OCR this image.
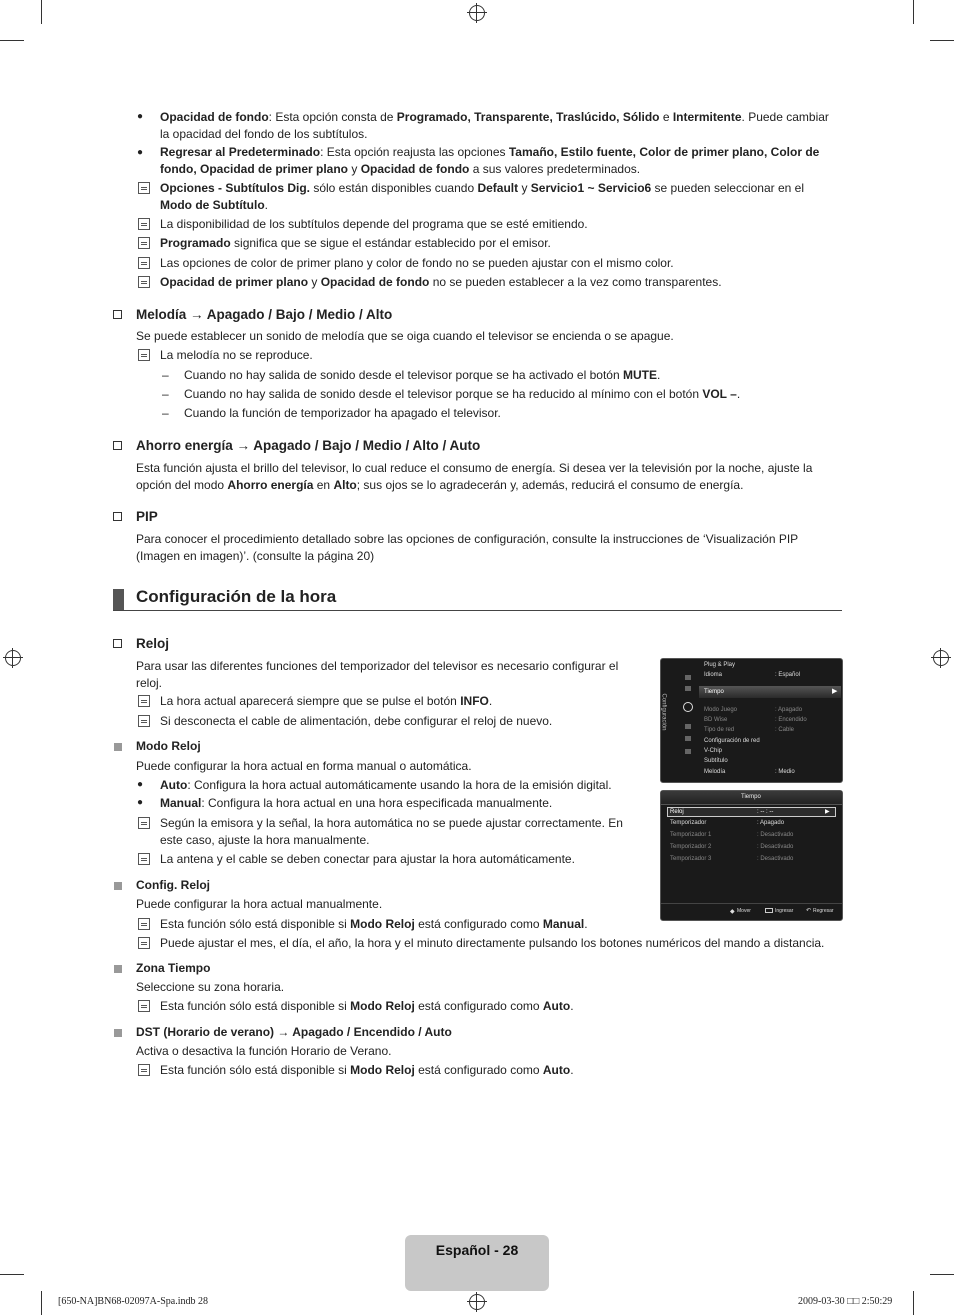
● Opacidad de fondo: Esta opción consta de Programado, Transparente, Traslúcido, Sólido e Intermitente. Puede cambiar
la opacidad del fondo de los subtítulos.
● Regresar al Predeterminado: Esta opción reajusta las opciones Tamaño, Estilo fuente, Color de primer plano, Color de
fondo, Opacidad de primer plano y Opacidad de fondo a sus valores predeterminados.
Opciones - Subtítulos Dig. sólo están disponibles cuando Default y Servicio1 ~ Servicio6 se pueden seleccionar en el
Modo de Subtítulo.
La disponibilidad de los subtítulos depende del programa que se esté emitiendo.
Programado significa que se sigue el estándar establecido por el emisor.
Las opciones de color de primer plano y color de fondo no se pueden ajustar con el mismo color.
Opacidad de primer plano y Opacidad de fondo no se pueden establecer a la vez como transparentes.
Melodía → Apagado / Bajo / Medio / Alto
Se puede establecer un sonido de melodía que se oiga cuando el televisor se encienda o se apague.
La melodía no se reproduce.
– Cuando no hay salida de sonido desde el televisor porque se ha activado el botón MUTE.
– Cuando no hay salida de sonido desde el televisor porque se ha reducido al mínimo con el botón VOL –.
– Cuando la función de temporizador ha apagado el televisor.
Ahorro energía → Apagado / Bajo / Medio / Alto / Auto
Esta función ajusta el brillo del televisor, lo cual reduce el consumo de energía. Si desea ver la televisión por la noche, ajuste la
opción del modo Ahorro energía en Alto; sus ojos se lo agradecerán y, además, reducirá el consumo de energía.
PIP
Para conocer el procedimiento detallado sobre las opciones de configuración, consulte la instrucciones de ‘Visualización PIP
(Imagen en imagen)’. (consulte la página 20)
Configuración de la hora
Reloj
Para usar las diferentes funciones del temporizador del televisor es necesario configurar el
reloj.
La hora actual aparecerá siempre que se pulse el botón INFO.
Si desconecta el cable de alimentación, debe configurar el reloj de nuevo.
Modo Reloj
Puede configurar la hora actual en forma manual o automática.
● Auto: Configura la hora actual automáticamente usando la hora de la emisión digital.
● Manual: Configura la hora actual en una hora especificada manualmente.
Según la emisora y la señal, la hora automática no se puede ajustar correctamente. En
este caso, ajuste la hora manualmente.
La antena y el cable se deben conectar para ajustar la hora automáticamente.
Config. Reloj
Puede configurar la hora actual manualmente.
Esta función sólo está disponible si Modo Reloj está configurado como Manual.
Puede ajustar el mes, el día, el año, la hora y el minuto directamente pulsando los botones numéricos del mando a distancia.
Zona Tiempo
Seleccione su zona horaria.
Esta función sólo está disponible si Modo Reloj está configurado como Auto.
DST (Horario de verano) → Apagado / Encendido / Auto
Activa o desactiva la función Horario de Verano.
Esta función sólo está disponible si Modo Reloj está configurado como Auto.
Configuración
Plug & Play
Idioma	: Español
Tiempo	▶
Modo Juego	: Apagado
BD Wise	: Encendido
Tipo de red	: Cable
Configuración de red
V-Chip
Subtítulo
Melodía	: Medio
Tiempo
Reloj	: -- : --	▶
Temporizador	: Apagado
Temporizador 1	: Desactivado
Temporizador 2	: Desactivado
Temporizador 3	: Desactivado
◆ Mover	Ingresar ↶ Regresar
Español - 28
[650-NA]BN68-02097A-Spa.indb 28	2009-03-30 □□ 2:50:29
